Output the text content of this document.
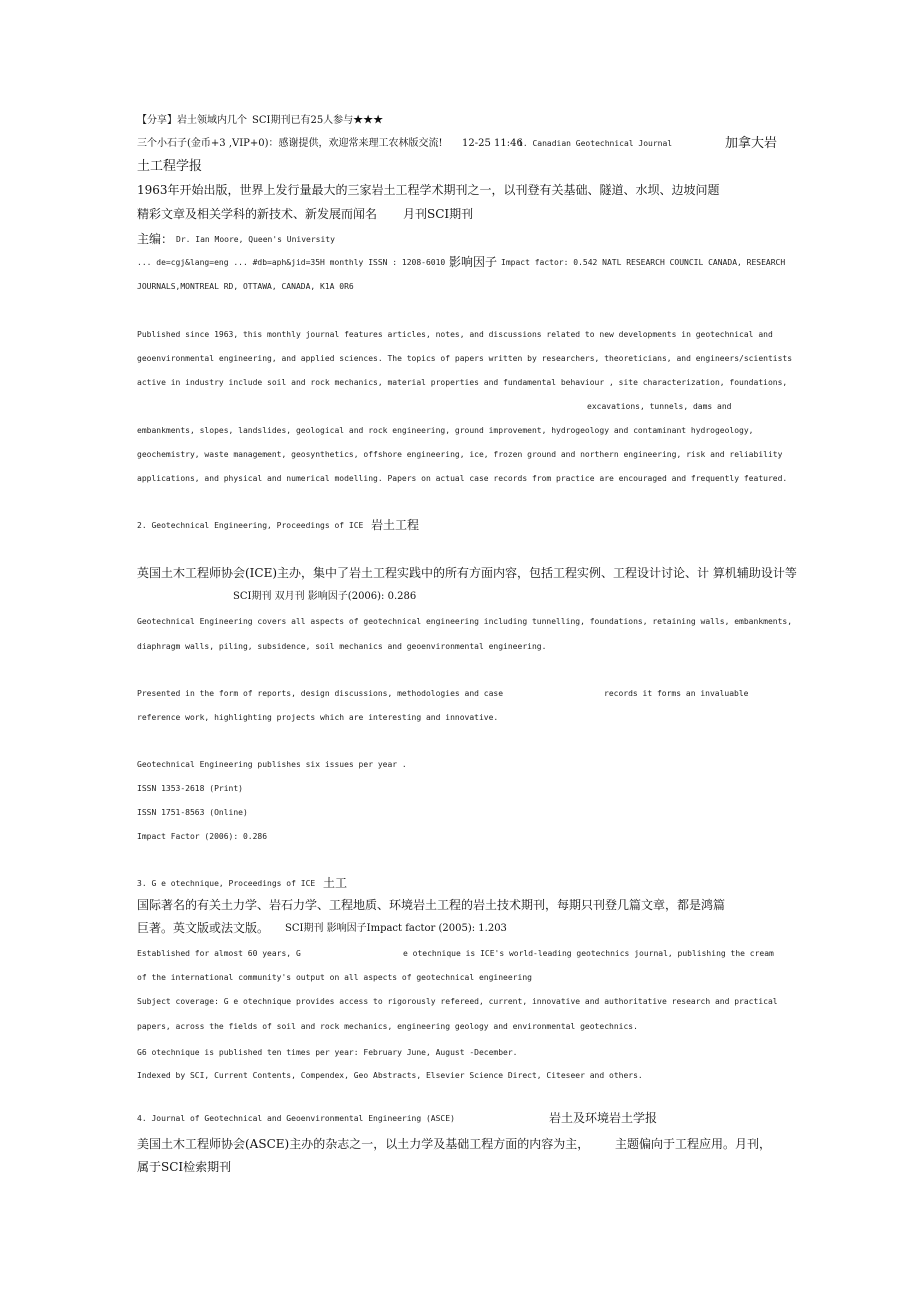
【分享】岩土领域内几个 SCI期刊已有25人参与★★★
三个小石子(金币+3 ,VIP+0)：感谢提供，欢迎常来理工农林版交流! 12-25 11:46
1. Canadian Geotechnical Journal	加拿大岩
土工程学报
1963年开始出版，世界上发行量最大的三家岩土工程学术期刊之一，以刊登有关基础、隧道、水坝、边坡问题
精彩文章及相关学科的新技术、新发展而闻名 月刊SCI期刊
主编： Dr. Ian Moore, Queen's University
... de=cgj&lang=eng ... #db=aph&jid=35H monthly ISSN : 1208-6010 影响因子 Impact factor: 0.542 NATL RESEARCH COUNCIL CANADA, RESEARCH
JOURNALS,MONTREAL RD, OTTAWA, CANADA, K1A 0R6
Published since 1963, this monthly journal features articles, notes, and discussions related to new developments in geotechnical and
geoenvironmental engineering, and applied sciences. The topics of papers written by researchers, theoreticians, and engineers/scientists
active in industry include soil and rock mechanics, material properties and fundamental behaviour , site characterization, foundations,
excavations, tunnels, dams and
embankments, slopes, landslides, geological and rock engineering, ground improvement, hydrogeology and contaminant hydrogeology,
geochemistry, waste management, geosynthetics, offshore engineering, ice, frozen ground and northern engineering, risk and reliability
applications, and physical and numerical modelling. Papers on actual case records from practice are encouraged and frequently featured.
2. Geotechnical Engineering, Proceedings of ICE 岩土工程
英国土木工程师协会(ICE)主办，集中了岩土工程实践中的所有方面内容，包括工程实例、工程设计讨论、计 算机辅助设计等
SCI期刊 双月刊 影响因子(2006): 0.286
Geotechnical Engineering covers all aspects of geotechnical engineering including tunnelling, foundations, retaining walls, embankments,
diaphragm walls, piling, subsidence, soil mechanics and geoenvironmental engineering.
Presented in the form of reports, design discussions, methodologies and case	records it forms an invaluable
reference work, highlighting projects which are interesting and innovative.
Geotechnical Engineering publishes six issues per year .
ISSN 1353-2618 (Print)
ISSN 1751-8563 (Online)
Impact Factor (2006): 0.286
3. G e otechnique, Proceedings of ICE 土工
国际著名的有关土力学、岩石力学、工程地质、环境岩土工程的岩土技术期刊，每期只刊登几篇文章，都是鸿篇
巨著。英文版或法文版。 SCI期刊 影响因子Impact factor (2005): 1.203
Established for almost 60 years, G	e otechnique is ICE's world-leading geotechnics journal, publishing the cream
of the international community's output on all aspects of geotechnical engineering
Subject coverage: G e otechnique provides access to rigorously refereed, current, innovative and authoritative research and practical
papers, across the fields of soil and rock mechanics, engineering geology and environmental geotechnics.
G6 otechnique is published ten times per year: February June, August -December.
Indexed by SCI, Current Contents, Compendex, Geo Abstracts, Elsevier Science Direct, Citeseer and others.
4. Journal of Geotechnical and Geoenvironmental Engineering (ASCE)	岩土及环境岩土学报
美国土木工程师协会(ASCE)主办的杂志之一，以土力学及基础工程方面的内容为主， 主题偏向于工程应用。月刊，
属于SCI检索期刊
